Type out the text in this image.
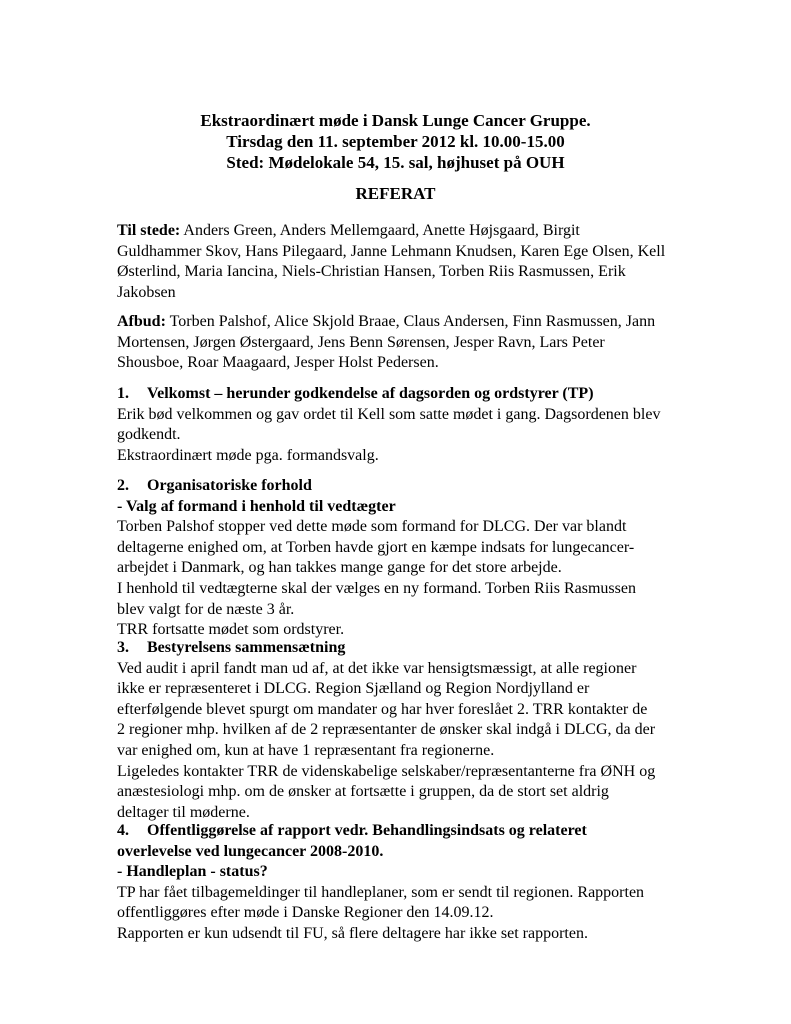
Ekstraordinært møde i Dansk Lunge Cancer Gruppe.
Tirsdag den 11. september 2012 kl. 10.00-15.00
Sted: Mødelokale 54, 15. sal, højhuset på OUH
REFERAT
Til stede: Anders Green, Anders Mellemgaard, Anette Højsgaard, Birgit
Guldhammer Skov, Hans Pilegaard, Janne Lehmann Knudsen, Karen Ege Olsen, Kell
Østerlind, Maria Iancina, Niels-Christian Hansen, Torben Riis Rasmussen, Erik
Jakobsen
Afbud: Torben Palshof, Alice Skjold Braae, Claus Andersen, Finn Rasmussen, Jann
Mortensen, Jørgen Østergaard, Jens Benn Sørensen, Jesper Ravn, Lars Peter
Shousboe, Roar Maagaard, Jesper Holst Pedersen.
1.	Velkomst – herunder godkendelse af dagsorden og ordstyrer (TP)
Erik bød velkommen og gav ordet til Kell som satte mødet i gang. Dagsordenen blev
godkendt.
Ekstraordinært møde pga. formandsvalg.
2.	Organisatoriske forhold
- Valg af formand i henhold til vedtægter
Torben Palshof stopper ved dette møde som formand for DLCG. Der var blandt
deltagerne enighed om, at Torben havde gjort en kæmpe indsats for lungecancer-
arbejdet i Danmark, og han takkes mange gange for det store arbejde.
I henhold til vedtægterne skal der vælges en ny formand. Torben Riis Rasmussen
blev valgt for de næste 3 år.
TRR fortsatte mødet som ordstyrer.
3.	Bestyrelsens sammensætning
Ved audit i april fandt man ud af, at det ikke var hensigtsmæssigt, at alle regioner
ikke er repræsenteret i DLCG. Region Sjælland og Region Nordjylland er
efterfølgende blevet spurgt om mandater og har hver foreslået 2. TRR kontakter de
2 regioner mhp. hvilken af de 2 repræsentanter de ønsker skal indgå i DLCG, da der
var enighed om, kun at have 1 repræsentant fra regionerne.
Ligeledes kontakter TRR de videnskabelige selskaber/repræsentanterne fra ØNH og
anæstesiologi mhp. om de ønsker at fortsætte i gruppen, da de stort set aldrig
deltager til møderne.
4.	Offentliggørelse af rapport vedr. Behandlingsindsats og relateret
overlevelse ved lungecancer 2008-2010.
- Handleplan - status?
TP har fået tilbagemeldinger til handleplaner, som er sendt til regionen. Rapporten
offentliggøres efter møde i Danske Regioner den 14.09.12.
Rapporten er kun udsendt til FU, så flere deltagere har ikke set rapporten.
